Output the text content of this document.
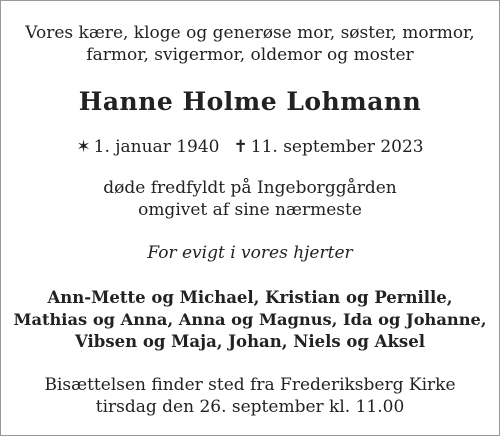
Vores kære, kloge og generøse mor, søster, mormor,
farmor, svigermor, oldemor og moster
Hanne Holme Lohmann
✶ 1. januar 1940 ✝ 11. september 2023
døde fredfyldt på Ingeborggården
omgivet af sine nærmeste
For evigt i vores hjerter
Ann-Mette og Michael, Kristian og Pernille,
Mathias og Anna, Anna og Magnus, Ida og Johanne,
Vibsen og Maja, Johan, Niels og Aksel
Bisættelsen finder sted fra Frederiksberg Kirke
tirsdag den 26. september kl. 11.00
